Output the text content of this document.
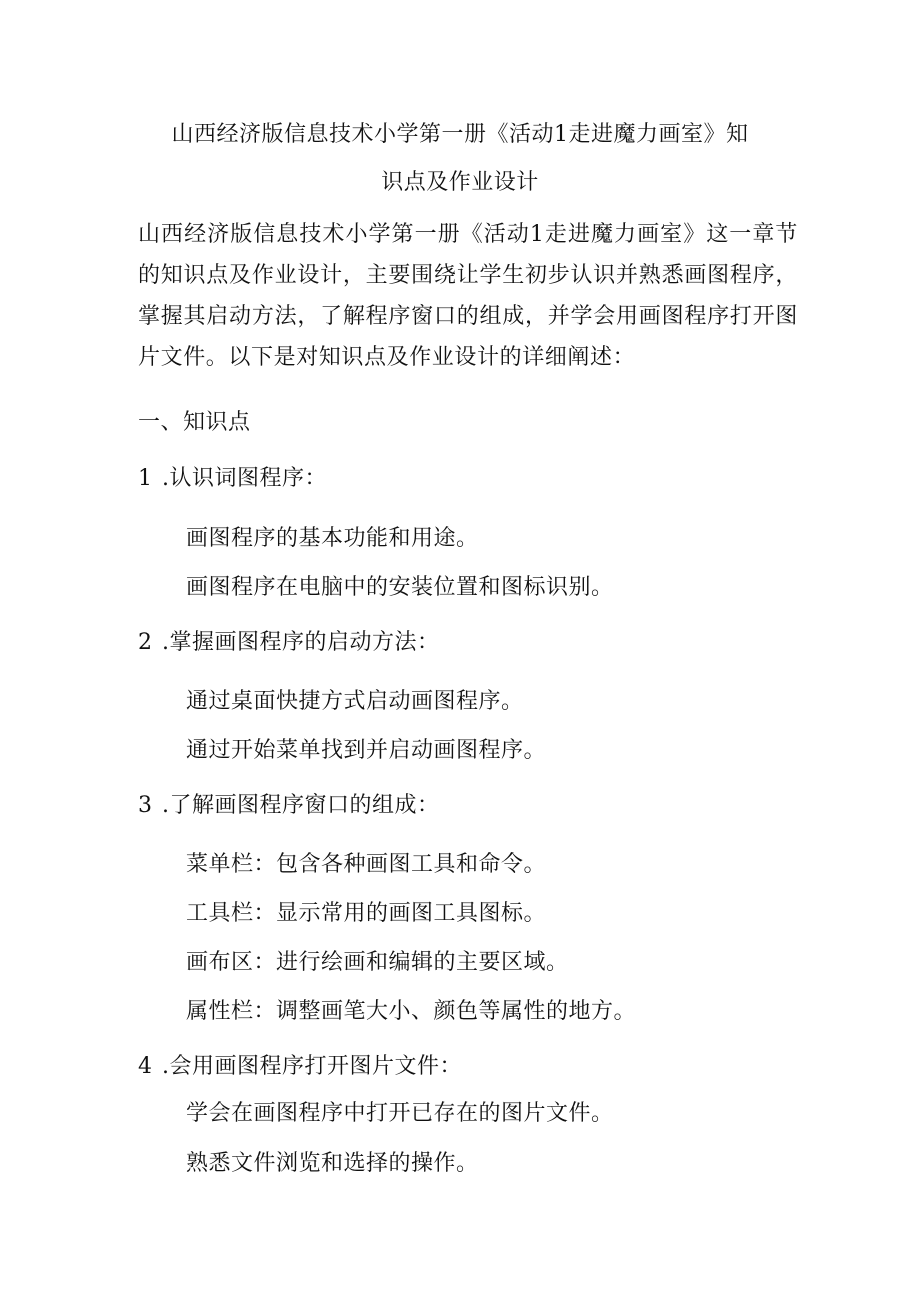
山西经济版信息技术小学第一册《活动1走进魔力画室》知
识点及作业设计
山西经济版信息技术小学第一册《活动1走进魔力画室》这一章节的知识点及作业设计，主要围绕让学生初步认识并熟悉画图程序，掌握其启动方法，了解程序窗口的组成，并学会用画图程序打开图片文件。以下是对知识点及作业设计的详细阐述：
一、知识点
1 .认识词图程序：
画图程序的基本功能和用途。
画图程序在电脑中的安装位置和图标识别。
2 .掌握画图程序的启动方法：
通过桌面快捷方式启动画图程序。
通过开始菜单找到并启动画图程序。
3 .了解画图程序窗口的组成：
菜单栏：包含各种画图工具和命令。
工具栏：显示常用的画图工具图标。
画布区：进行绘画和编辑的主要区域。
属性栏：调整画笔大小、颜色等属性的地方。
4 .会用画图程序打开图片文件：
学会在画图程序中打开已存在的图片文件。
熟悉文件浏览和选择的操作。
